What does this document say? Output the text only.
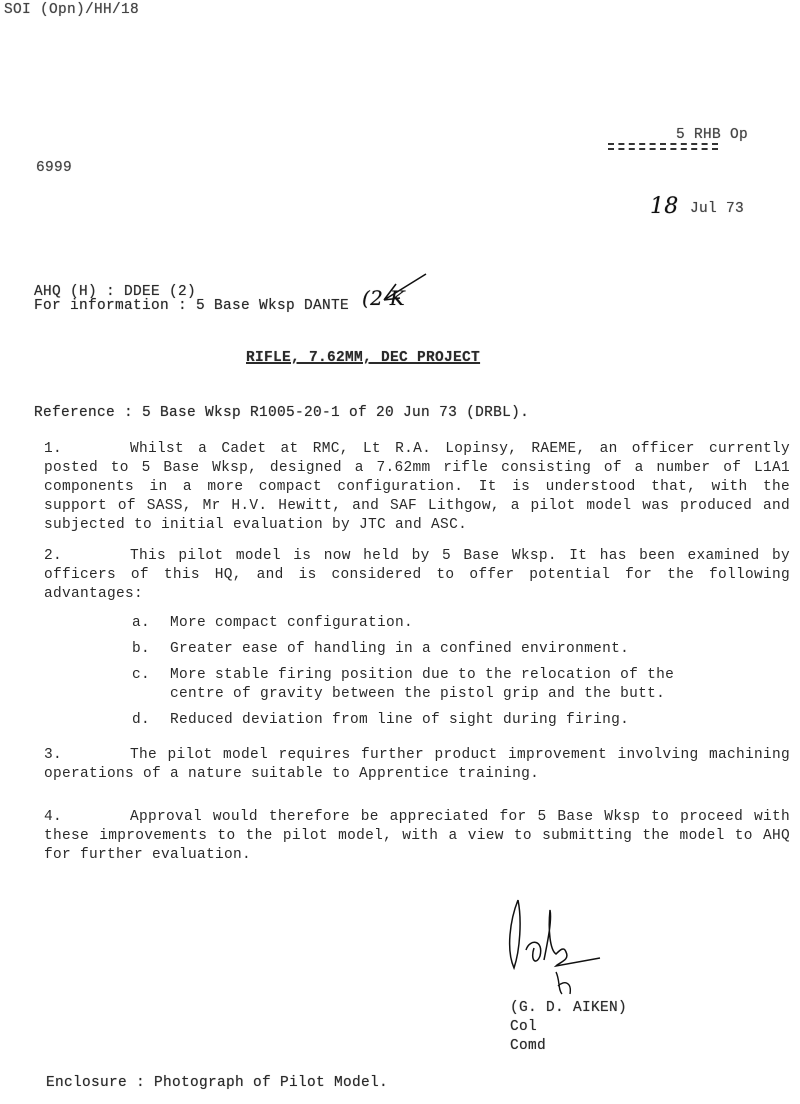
SOI (Opn)/HH/18
5 RHB Op
6999
18 Jul 73
AHQ (H) : DDEE (2)
For information : 5 Base Wksp DANTE (2 K
RIFLE, 7.62MM, DEC PROJECT
Reference : 5 Base Wksp R1005-20-1 of 20 Jun 73 (DRBL).
1.	Whilst a Cadet at RMC, Lt R.A. Lopinsy, RAEME, an officer currently posted to 5 Base Wksp, designed a 7.62mm rifle consisting of a number of L1A1 components in a more compact configuration. It is understood that, with the support of SASS, Mr H.V. Hewitt, and SAF Lithgow, a pilot model was produced and subjected to initial evaluation by JTC and ASC.
2.	This pilot model is now held by 5 Base Wksp. It has been examined by officers of this HQ, and is considered to offer potential for the following advantages:
a. More compact configuration.
b. Greater ease of handling in a confined environment.
c. More stable firing position due to the relocation of the centre of gravity between the pistol grip and the butt.
d. Reduced deviation from line of sight during firing.
3.	The pilot model requires further product improvement involving machining operations of a nature suitable to Apprentice training.
4.	Approval would therefore be appreciated for 5 Base Wksp to proceed with these improvements to the pilot model, with a view to submitting the model to AHQ for further evaluation.
(G. D. AIKEN)
Col
Comd
Enclosure : Photograph of Pilot Model.
